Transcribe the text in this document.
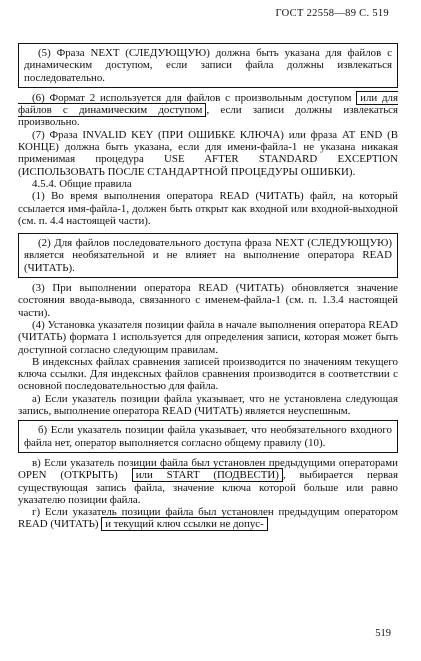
ГОСТ 22558—89 С. 519
(5) Фраза NEXT (СЛЕДУЮЩУЮ) должна быть указана для файлов с динамическим доступом, если записи файла должны извлекаться последовательно.

(6) Формат 2 используется для файлов с произвольным доступом или для файлов с динамическим доступом , если записи должны извлекаться произвольно.

(7) Фраза INVALID KEY (ПРИ ОШИБКЕ КЛЮЧА) или фраза AT END (В КОНЦЕ) должна быть указана, если для имени-файла-1 не указана никакая применимая процедура USE AFTER STANDARD EXCEPTION (ИСПОЛЬЗОВАТЬ ПОСЛЕ СТАНДАРТНОЙ ПРОЦЕДУРЫ ОШИБКИ).

4.5.4. Общие правила

(1) Во время выполнения оператора READ (ЧИТАТЬ) файл, на который ссылается имя-файла-1, должен быть открыт как входной или входной-выходной (см. п. 4.4 настоящей части).

(2) Для файлов последовательного доступа фраза NEXT (СЛЕДУЮЩУЮ) является необязательной и не влияет на выполнение оператора READ (ЧИТАТЬ).

(3) При выполнении оператора READ (ЧИТАТЬ) обновляется значение состояния ввода-вывода, связанного с именем-файла-1 (см. п. 1.3.4 настоящей части).

(4) Установка указателя позиции файла в начале выполнения оператора READ (ЧИТАТЬ) формата 1 используется для определения записи, которая может быть доступной согласно следующим правилам.

В индексных файлах сравнения записей производится по значениям текущего ключа ссылки. Для индексных файлов сравнения производится в соответствии с основной последовательностью для файла.

а) Если указатель позиции файла указывает, что не установлена следующая запись, выполнение оператора READ (ЧИТАТЬ) является неуспешным.

б) Если указатель позиции файла указывает, что необязательного входного файла нет, оператор выполняется согласно общему правилу (10).

в) Если указатель позиции файла был установлен предыдущими операторами OPEN (ОТКРЫТЬ) или START (ПОДВЕСТИ) , выбирается первая существующая запись файла, значение ключа которой больше или равно указателю позиции файла.

г) Если указатель позиции файла был установлен предыдущим оператором READ (ЧИТАТЬ) и текущий ключ ссылки не допус-

519
